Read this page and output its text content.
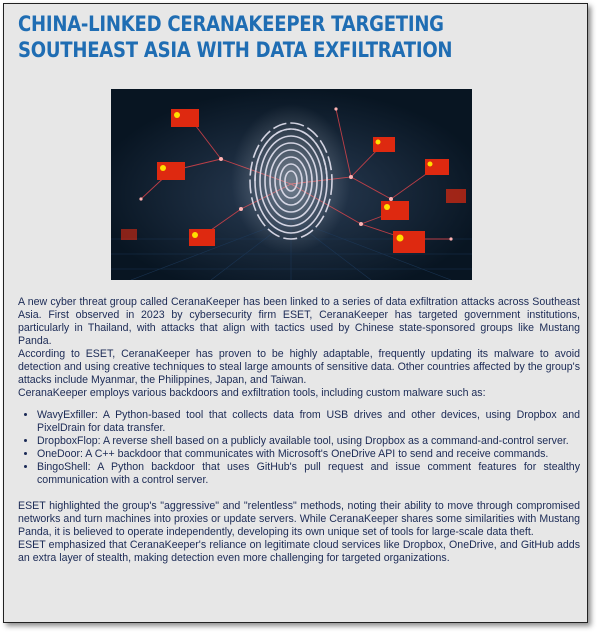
CHINA-LINKED CERANAKEEPER TARGETING SOUTHEAST ASIA WITH DATA EXFILTRATION

A new cyber threat group called CeranaKeeper has been linked to a series of data exfiltration attacks across Southeast Asia. First observed in 2023 by cybersecurity firm ESET, CeranaKeeper has targeted government institutions, particularly in Thailand, with attacks that align with tactics used by Chinese state-sponsored groups like Mustang Panda.

According to ESET, CeranaKeeper has proven to be highly adaptable, frequently updating its malware to avoid detection and using creative techniques to steal large amounts of sensitive data. Other countries affected by the group's attacks include Myanmar, the Philippines, Japan, and Taiwan.

CeranaKeeper employs various backdoors and exfiltration tools, including custom malware such as:

• WavyExfiller: A Python-based tool that collects data from USB drives and other devices, using Dropbox and PixelDrain for data transfer.
• DropboxFlop: A reverse shell based on a publicly available tool, using Dropbox as a command-and-control server.
• OneDoor: A C++ backdoor that communicates with Microsoft's OneDrive API to send and receive commands.
• BingoShell: A Python backdoor that uses GitHub's pull request and issue comment features for stealthy communication with a control server.

ESET highlighted the group's "aggressive" and "relentless" methods, noting their ability to move through compromised networks and turn machines into proxies or update servers. While CeranaKeeper shares some similarities with Mustang Panda, it is believed to operate independently, developing its own unique set of tools for large-scale data theft.

ESET emphasized that CeranaKeeper's reliance on legitimate cloud services like Dropbox, OneDrive, and GitHub adds an extra layer of stealth, making detection even more challenging for targeted organizations.
